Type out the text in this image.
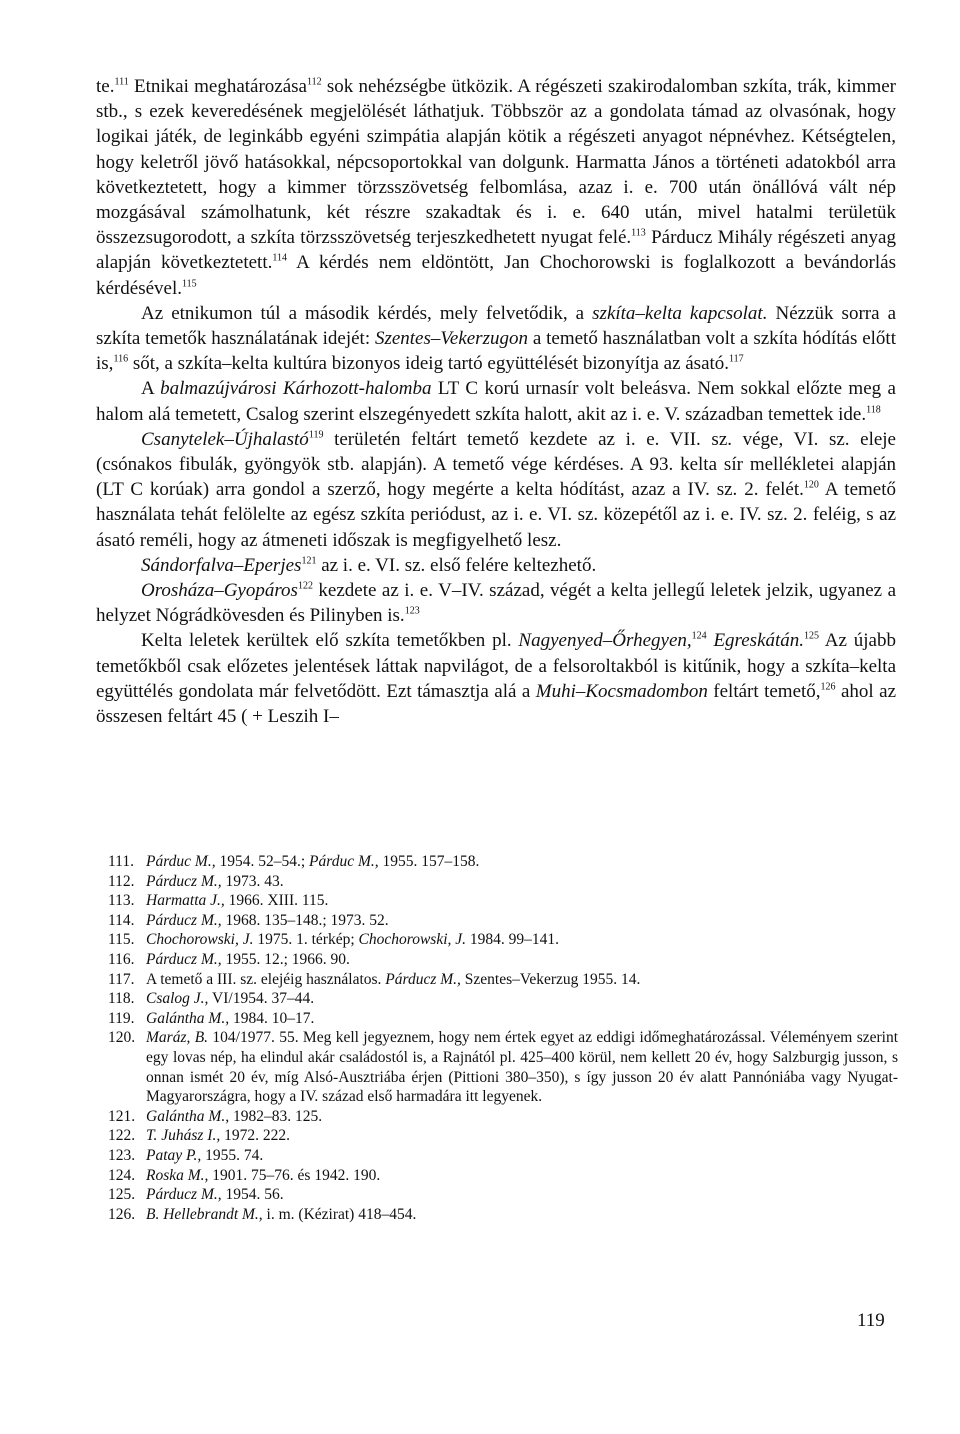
te.$^{111}$ Etnikai meghatározása$^{112}$ sok nehézségbe ütközik. A régészeti szakirodalomban szkíta, trák, kimmer stb., s ezek keveredésének megjelölését láthatjuk. Többször az a gondolata támad az olvasónak, hogy logikai játék, de leginkább egyéni szimpátia alapján kötik a régészeti anyagot népnévhez. Kétségtelen, hogy keletről jövő hatásokkal, népcsoportokkal van dolgunk. Harmatta János a történeti adatokból arra következtetett, hogy a kimmer törzsszövetség felbomlása, azaz i. e. 700 után önállóvá vált nép mozgásával számolhatunk, két részre szakadtak és i. e. 640 után, mivel hatalmi területük összezsugorodott, a szkíta törzsszövetség terjeszkedhetett nyugat felé.$^{113}$ Párducz Mihály régészeti anyag alapján következtetett.$^{114}$ A kérdés nem eldöntött, Jan Chochorowski is foglalkozott a bevándorlás kérdésével.$^{115}$

Az etnikumon túl a második kérdés, mely felvetődik, a szkíta–kelta kapcsolat. Nézzük sorra a szkíta temetők használatának idejét: Szentes–Vekerzugon a temető használatban volt a szkíta hódítás előtt is,$^{116}$ sőt, a szkíta–kelta kultúra bizonyos ideig tartó együttélését bizonyítja az ásató.$^{117}$

A balmazújvárosi Kárhozott-halomba LT C korú urnasír volt beleásva. Nem sokkal előzte meg a halom alá temetett, Csalog szerint elszegényedett szkíta halott, akit az i. e. V. században temettek ide.$^{118}$

Csanytelek–Újhalastó$^{119}$ területén feltárt temető kezdete az i. e. VII. sz. vége, VI. sz. eleje (csónakos fibulák, gyöngyök stb. alapján). A temető vége kérdéses. A 93. kelta sír mellékletei alapján (LT C korúak) arra gondol a szerző, hogy megérte a kelta hódítást, azaz a IV. sz. 2. felét.$^{120}$ A temető használata tehát felölelte az egész szkíta periódust, az i. e. VI. sz. közepétől az i. e. IV. sz. 2. feléig, s az ásató reméli, hogy az átmeneti időszak is megfigyelhető lesz.

Sándorfalva–Eperjes$^{121}$ az i. e. VI. sz. első felére keltezhető.

Orosháza–Gyopáros$^{122}$ kezdete az i. e. V–IV. század, végét a kelta jellegű leletek jelzik, ugyanez a helyzet Nógrádkövesden és Pilinyben is.$^{123}$

Kelta leletek kerültek elő szkíta temetőkben pl. Nagyenyed–Őrhegyen,$^{124}$ Egreskátán.$^{125}$ Az újabb temetőkből csak előzetes jelentések láttak napvilágot, de a felsoroltakból is kitűnik, hogy a szkíta–kelta együttélés gondolata már felvetődött. Ezt támasztja alá a Muhi–Kocsmadombon feltárt temető,$^{126}$ ahol az összesen feltárt 45 ( + Leszih I–

111. Párduc M., 1954. 52–54.; Párduc M., 1955. 157–158.
112. Párducz M., 1973. 43.
113. Harmatta J., 1966. XIII. 115.
114. Párducz M., 1968. 135–148.; 1973. 52.
115. Chochorowski, J. 1975. 1. térkép; Chochorowski, J. 1984. 99–141.
116. Párducz M., 1955. 12.; 1966. 90.
117. A temető a III. sz. elejéig használatos. Párducz M., Szentes–Vekerzug 1955. 14.
118. Csalog J., VI/1954. 37–44.
119. Galántha M., 1984. 10–17.
120. Maráz, B. 104/1977. 55. Meg kell jegyeznem, hogy nem értek egyet az eddigi időmeghatározással. Véleményem szerint egy lovas nép, ha elindul akár családostól is, a Rajnától pl. 425–400 körül, nem kellett 20 év, hogy Salzburgig jusson, s onnan ismét 20 év, míg Alsó-Ausztriába érjen (Pittioni 380–350), s így jusson 20 év alatt Pannóniába vagy Nyugat-Magyarországra, hogy a IV. század első harmadára itt legyenek.
121. Galántha M., 1982–83. 125.
122. T. Juhász I., 1972. 222.
123. Patay P., 1955. 74.
124. Roska M., 1901. 75–76. és 1942. 190.
125. Párducz M., 1954. 56.
126. B. Hellebrandt M., i. m. (Kézirat) 418–454.
119
